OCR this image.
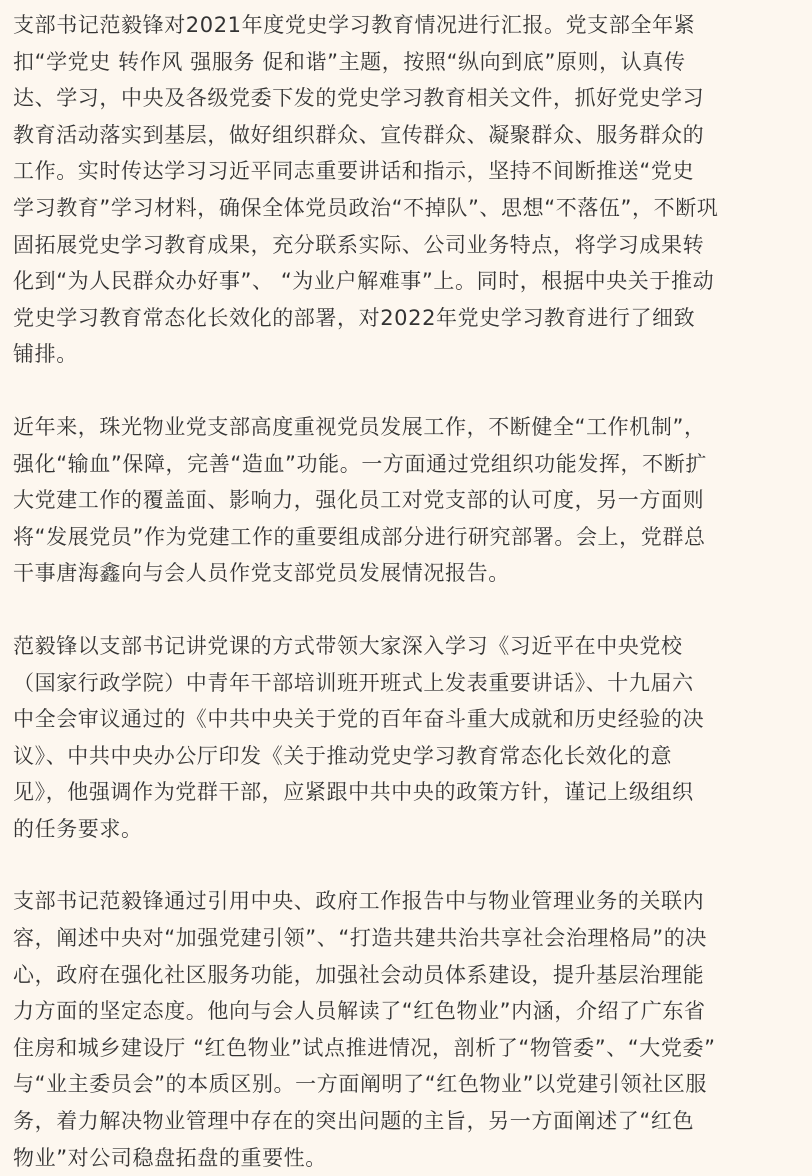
支部书记范毅锋对2021年度党史学习教育情况进行汇报。党支部全年紧
扣“学党史 转作风 强服务 促和谐”主题，按照“纵向到底”原则，认真传
达、学习，中央及各级党委下发的党史学习教育相关文件，抓好党史学习
教育活动落实到基层，做好组织群众、宣传群众、凝聚群众、服务群众的
工作。实时传达学习习近平同志重要讲话和指示，坚持不间断推送“党史
学习教育”学习材料，确保全体党员政治“不掉队”、思想“不落伍”，不断巩
固拓展党史学习教育成果，充分联系实际、公司业务特点，将学习成果转
化到“为人民群众办好事”、 “为业户解难事”上。同时，根据中央关于推动
党史学习教育常态化长效化的部署，对2022年党史学习教育进行了细致
铺排。
近年来，珠光物业党支部高度重视党员发展工作，不断健全“工作机制”，
强化“输血”保障，完善“造血”功能。一方面通过党组织功能发挥，不断扩
大党建工作的覆盖面、影响力，强化员工对党支部的认可度，另一方面则
将“发展党员”作为党建工作的重要组成部分进行研究部署。会上，党群总
干事唐海鑫向与会人员作党支部党员发展情况报告。
范毅锋以支部书记讲党课的方式带领大家深入学习《习近平在中央党校
（国家行政学院）中青年干部培训班开班式上发表重要讲话》、十九届六
中全会审议通过的《中共中央关于党的百年奋斗重大成就和历史经验的决
议》、中共中央办公厅印发《关于推动党史学习教育常态化长效化的意
见》，他强调作为党群干部，应紧跟中共中央的政策方针，谨记上级组织
的任务要求。
支部书记范毅锋通过引用中央、政府工作报告中与物业管理业务的关联内
容，阐述中央对“加强党建引领”、“打造共建共治共享社会治理格局”的决
心，政府在强化社区服务功能，加强社会动员体系建设，提升基层治理能
力方面的坚定态度。他向与会人员解读了“红色物业”内涵，介绍了广东省
住房和城乡建设厅 “红色物业”试点推进情况，剖析了“物管委”、“大党委”
与“业主委员会”的本质区别。一方面阐明了“红色物业”以党建引领社区服
务，着力解决物业管理中存在的突出问题的主旨，另一方面阐述了“红色
物业”对公司稳盘拓盘的重要性。
